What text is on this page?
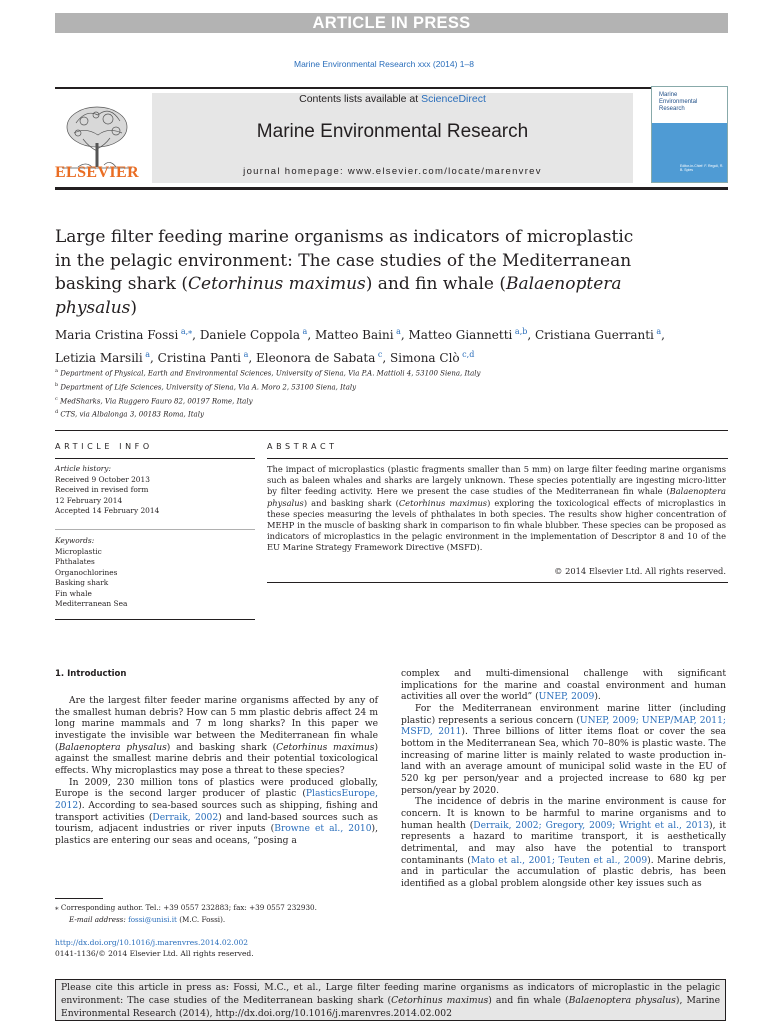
ARTICLE IN PRESS
Marine Environmental Research xxx (2014) 1–8
Contents lists available at ScienceDirect
Marine Environmental Research
journal homepage: www.elsevier.com/locate/marenvrev
ELSEVIER
Marine
Environmental
Research
Editor-in-Chief: F. Regoli, R. B. Spies
Large filter feeding marine organisms as indicators of microplastic in the pelagic environment: The case studies of the Mediterranean basking shark (Cetorhinus maximus) and fin whale (Balaenoptera physalus)
Maria Cristina Fossi $^{a,⁎}$, Daniele Coppola $^a$, Matteo Baini $^a$, Matteo Giannetti $^{a,b}$, Cristiana Guerranti $^a$, Letizia Marsili $^a$, Cristina Panti $^a$, Eleonora de Sabata $^c$, Simona Clò $^{c,d}$
$^a$ Department of Physical, Earth and Environmental Sciences, University of Siena, Via P.A. Mattioli 4, 53100 Siena, Italy
$^b$ Department of Life Sciences, University of Siena, Via A. Moro 2, 53100 Siena, Italy
$^c$ MedSharks, Via Ruggero Fauro 82, 00197 Rome, Italy
$^d$ CTS, via Albalonga 3, 00183 Roma, Italy
ARTICLE INFO	ABSTRACT
Article history:
Received 9 October 2013
Received in revised form
12 February 2014
Accepted 14 February 2014
Keywords:
Microplastic
Phthalates
Organochlorines
Basking shark
Fin whale
Mediterranean Sea
The impact of microplastics (plastic fragments smaller than 5 mm) on large filter feeding marine organisms such as baleen whales and sharks are largely unknown. These species potentially are ingesting micro-litter by filter feeding activity. Here we present the case studies of the Mediterranean fin whale (Balaenoptera physalus) and basking shark (Cetorhinus maximus) exploring the toxicological effects of microplastics in these species measuring the levels of phthalates in both species. The results show higher concentration of MEHP in the muscle of basking shark in comparison to fin whale blubber. These species can be proposed as indicators of microplastics in the pelagic environment in the implementation of Descriptor 8 and 10 of the EU Marine Strategy Framework Directive (MSFD).
© 2014 Elsevier Ltd. All rights reserved.
1. Introduction

Are the largest filter feeder marine organisms affected by any of the smallest human debris? How can 5 mm plastic debris affect 24 m long marine mammals and 7 m long sharks? In this paper we investigate the invisible war between the Mediterranean fin whale (Balaenoptera physalus) and basking shark (Cetorhinus maximus) against the smallest marine debris and their potential toxicological effects. Why microplastics may pose a threat to these species?

In 2009, 230 million tons of plastics were produced globally, Europe is the second larger producer of plastic (PlasticsEurope, 2012). According to sea-based sources such as shipping, fishing and transport activities (Derraik, 2002) and land-based sources such as tourism, adjacent industries or river inputs (Browne et al., 2010), plastics are entering our seas and oceans, “posing a

complex and multi-dimensional challenge with significant implications for the marine and coastal environment and human activities all over the world” (UNEP, 2009).

For the Mediterranean environment marine litter (including plastic) represents a serious concern (UNEP, 2009; UNEP/MAP, 2011; MSFD, 2011). Three billions of litter items float or cover the sea bottom in the Mediterranean Sea, which 70–80% is plastic waste. The increasing of marine litter is mainly related to waste production in-land with an average amount of municipal solid waste in the EU of 520 kg per person/year and a projected increase to 680 kg per person/year by 2020.

The incidence of debris in the marine environment is cause for concern. It is known to be harmful to marine organisms and to human health (Derraik, 2002; Gregory, 2009; Wright et al., 2013), it represents a hazard to maritime transport, it is aesthetically detrimental, and may also have the potential to transport contaminants (Mato et al., 2001; Teuten et al., 2009). Marine debris, and in particular the accumulation of plastic debris, has been identified as a global problem alongside other key issues such as

⁎ Corresponding author. Tel.: +39 0557 232883; fax: +39 0557 232930.
E-mail address: fossi@unisi.it (M.C. Fossi).
http://dx.doi.org/10.1016/j.marenvres.2014.02.002
0141-1136/© 2014 Elsevier Ltd. All rights reserved.
Please cite this article in press as: Fossi, M.C., et al., Large filter feeding marine organisms as indicators of microplastic in the pelagic environment: The case studies of the Mediterranean basking shark (Cetorhinus maximus) and fin whale (Balaenoptera physalus), Marine Environmental Research (2014), http://dx.doi.org/10.1016/j.marenvres.2014.02.002
